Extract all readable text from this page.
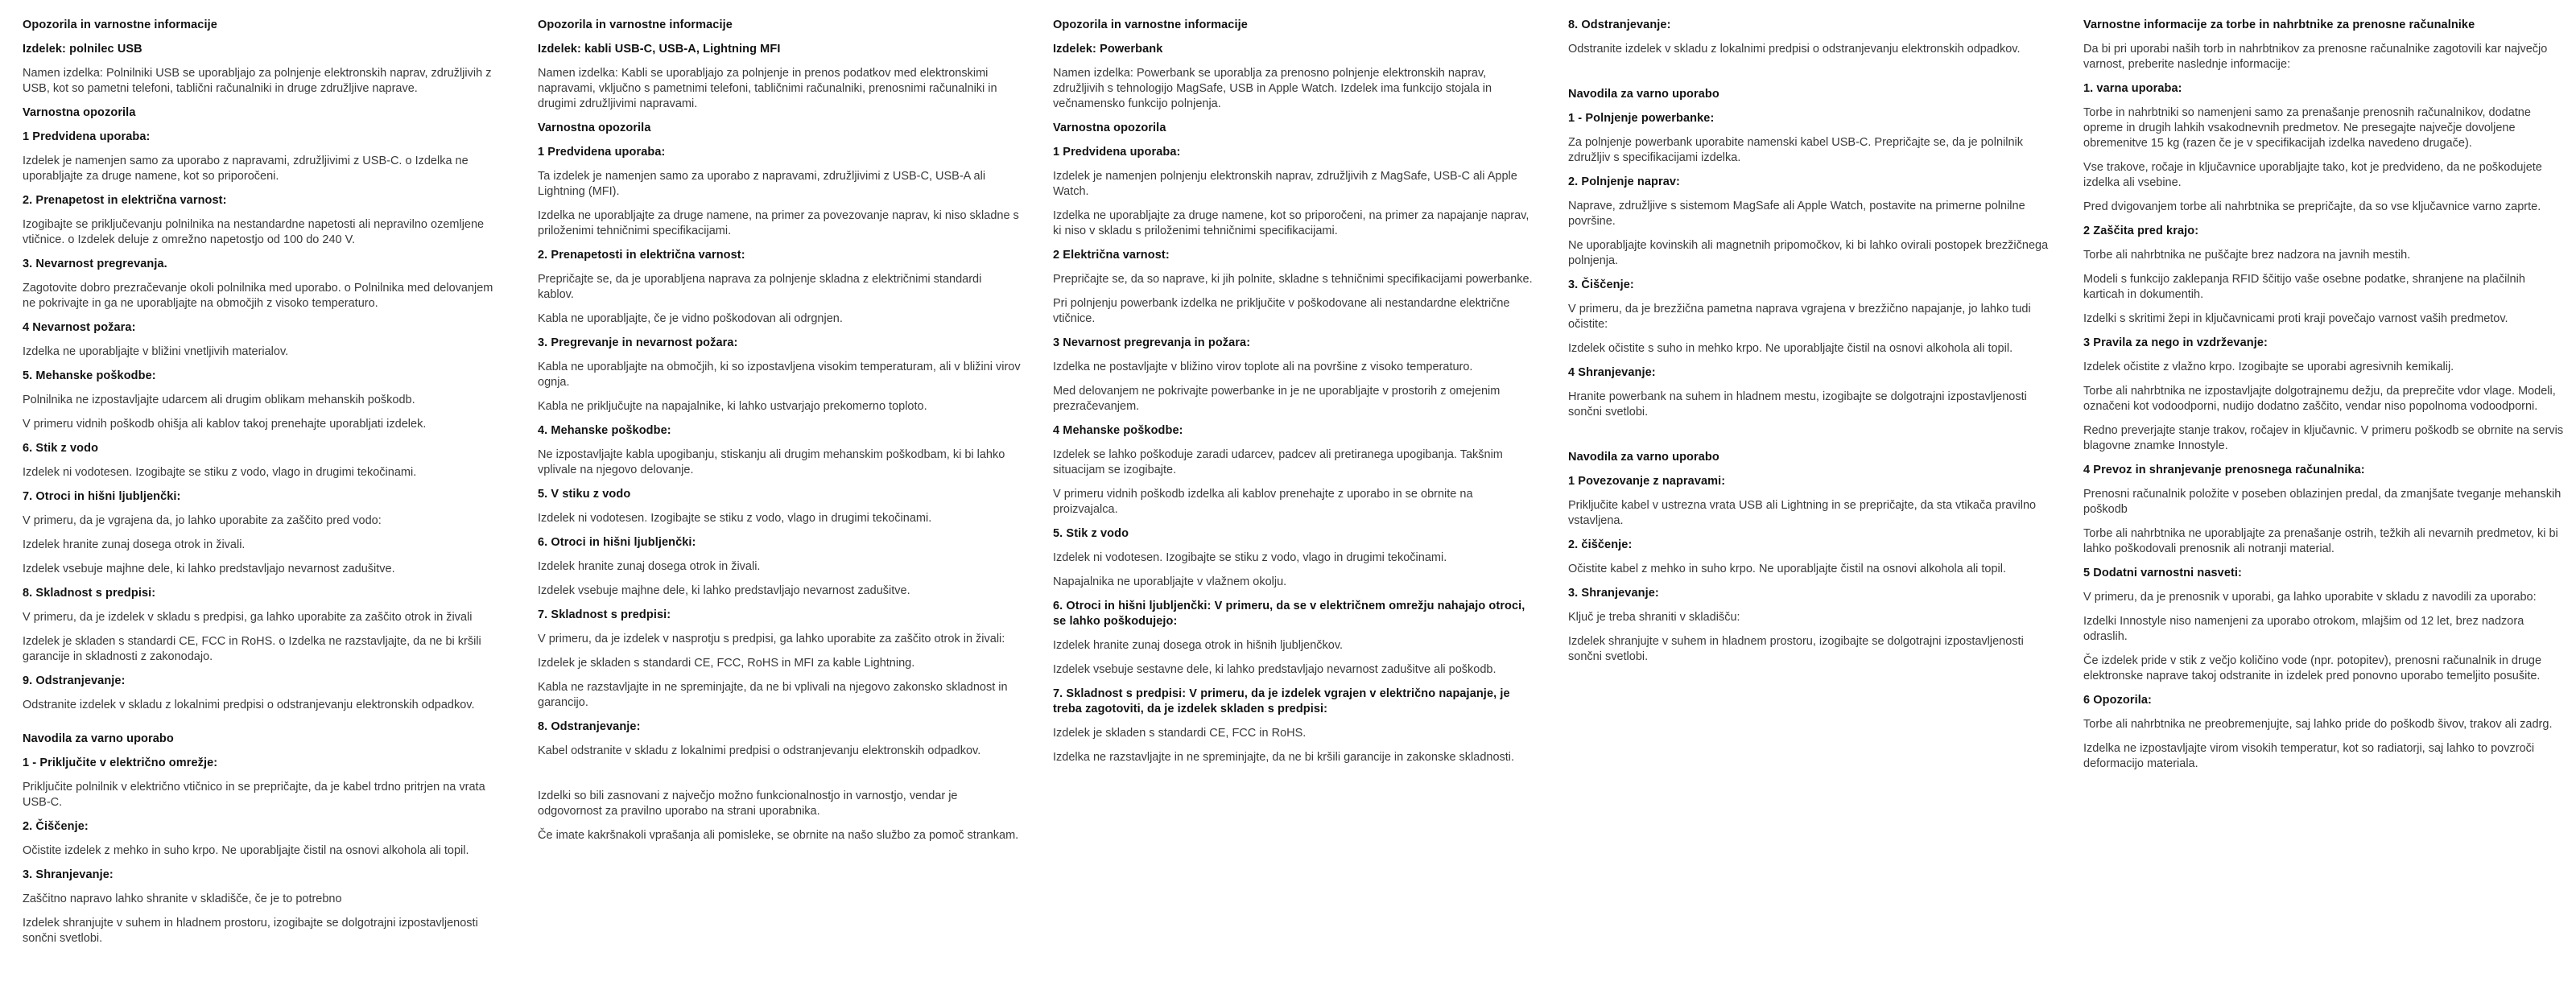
Opozorila in varnostne informacije
Izdelek: polnilec USB

Namen izdelka: Polnilniki USB se uporabljajo za polnjenje elektronskih naprav, združljivih z USB, kot so pametni telefoni, tablični računalniki in druge združljive naprave.

Varnostna opozorila
1 Predvidena uporaba:

Izdelek je namenjen samo za uporabo z napravami, združljivimi z USB-C. o Izdelka ne uporabljajte za druge namene, kot so priporočeni.

2. Prenapetost in električna varnost:

Izogibajte se priključevanju polnilnika na nestandardne napetosti ali nepravilno ozemljene vtičnice. o Izdelek deluje z omrežno napetostjo od 100 do 240 V.

3. Nevarnost pregrevanja.

Zagotovite dobro prezračevanje okoli polnilnika med uporabo. o Polnilnika med delovanjem ne pokrivajte in ga ne uporabljajte na območjih z visoko temperaturo.

4 Nevarnost požara:

Izdelka ne uporabljajte v bližini vnetljivih materialov.

5. Mehanske poškodbe:

Polnilnika ne izpostavljajte udarcem ali drugim oblikam mehanskih poškodb.

V primeru vidnih poškodb ohišja ali kablov takoj prenehajte uporabljati izdelek.

6. Stik z vodo

Izdelek ni vodotesen. Izogibajte se stiku z vodo, vlago in drugimi tekočinami.

7. Otroci in hišni ljubljenčki:

V primeru, da je vgrajena da, jo lahko uporabite za zaščito pred vodo:

Izdelek hranite zunaj dosega otrok in živali.

Izdelek vsebuje majhne dele, ki lahko predstavljajo nevarnost zadušitve.

8. Skladnost s predpisi:

V primeru, da je izdelek v skladu s predpisi, ga lahko uporabite za zaščito otrok in živali

Izdelek je skladen s standardi CE, FCC in RoHS. o Izdelka ne razstavljajte, da ne bi kršili garancije in skladnosti z zakonodajo.

9. Odstranjevanje:

Odstranite izdelek v skladu z lokalnimi predpisi o odstranjevanju elektronskih odpadkov.

Navodila za varno uporabo
1 - Priključite v električno omrežje:

Priključite polnilnik v električno vtičnico in se prepričajte, da je kabel trdno pritrjen na vrata USB-C.

2. Čiščenje:

Očistite izdelek z mehko in suho krpo. Ne uporabljajte čistil na osnovi alkohola ali topil.

3. Shranjevanje:

Zaščitno napravo lahko shranite v skladišče, če je to potrebno

Izdelek shranjujte v suhem in hladnem prostoru, izogibajte se dolgotrajni izpostavljenosti sončni svetlobi.

Opozorila in varnostne informacije
Izdelek: kabli USB-C, USB-A, Lightning MFI

Namen izdelka: Kabli se uporabljajo za polnjenje in prenos podatkov med elektronskimi napravami, vključno s pametnimi telefoni, tabličnimi računalniki, prenosnimi računalniki in drugimi združljivimi napravami.

Varnostna opozorila
1 Predvidena uporaba:

Ta izdelek je namenjen samo za uporabo z napravami, združljivimi z USB-C, USB-A ali Lightning (MFI).

Izdelka ne uporabljajte za druge namene, na primer za povezovanje naprav, ki niso skladne s priloženimi tehničnimi specifikacijami.

2. Prenapetosti in električna varnost:

Prepričajte se, da je uporabljena naprava za polnjenje skladna z električnimi standardi kablov.

Kabla ne uporabljajte, če je vidno poškodovan ali odrgnjen.

3. Pregrevanje in nevarnost požara:

Kabla ne uporabljajte na območjih, ki so izpostavljena visokim temperaturam, ali v bližini virov ognja.

Kabla ne priključujte na napajalnike, ki lahko ustvarjajo prekomerno toploto.

4. Mehanske poškodbe:

Ne izpostavljajte kabla upogibanju, stiskanju ali drugim mehanskim poškodbam, ki bi lahko vplivale na njegovo delovanje.

5. V stiku z vodo

Izdelek ni vodotesen. Izogibajte se stiku z vodo, vlago in drugimi tekočinami.

6. Otroci in hišni ljubljenčki:

Izdelek hranite zunaj dosega otrok in živali.

Izdelek vsebuje majhne dele, ki lahko predstavljajo nevarnost zadušitve.

7. Skladnost s predpisi:

V primeru, da je izdelek v nasprotju s predpisi, ga lahko uporabite za zaščito otrok in živali:

Izdelek je skladen s standardi CE, FCC, RoHS in MFI za kable Lightning.

Kabla ne razstavljajte in ne spreminjajte, da ne bi vplivali na njegovo zakonsko skladnost in garancijo.

8. Odstranjevanje:

Kabel odstranite v skladu z lokalnimi predpisi o odstranjevanju elektronskih odpadkov.

Izdelki so bili zasnovani z največjo možno funkcionalnostjo in varnostjo, vendar je odgovornost za pravilno uporabo na strani uporabnika.

Če imate kakršnakoli vprašanja ali pomisleke, se obrnite na našo službo za pomoč strankam.

Opozorila in varnostne informacije
Izdelek: Powerbank

Namen izdelka: Powerbank se uporablja za prenosno polnjenje elektronskih naprav, združljivih s tehnologijo MagSafe, USB in Apple Watch. Izdelek ima funkcijo stojala in večnamensko funkcijo polnjenja.

Varnostna opozorila
1 Predvidena uporaba:

Izdelek je namenjen polnjenju elektronskih naprav, združljivih z MagSafe, USB-C ali Apple Watch.

Izdelka ne uporabljajte za druge namene, kot so priporočeni, na primer za napajanje naprav, ki niso v skladu s priloženimi tehničnimi specifikacijami.

2 Električna varnost:

Prepričajte se, da so naprave, ki jih polnite, skladne s tehničnimi specifikacijami powerbanke.

Pri polnjenju powerbank izdelka ne priključite v poškodovane ali nestandardne električne vtičnice.

3 Nevarnost pregrevanja in požara:

Izdelka ne postavljajte v bližino virov toplote ali na površine z visoko temperaturo.

Med delovanjem ne pokrivajte powerbanke in je ne uporabljajte v prostorih z omejenim prezračevanjem.

4 Mehanske poškodbe:

Izdelek se lahko poškoduje zaradi udarcev, padcev ali pretiranega upogibanja. Takšnim situacijam se izogibajte.

V primeru vidnih poškodb izdelka ali kablov prenehajte z uporabo in se obrnite na proizvajalca.

5. Stik z vodo

Izdelek ni vodotesen. Izogibajte se stiku z vodo, vlago in drugimi tekočinami.

Napajalnika ne uporabljajte v vlažnem okolju.

6. Otroci in hišni ljubljenčki: V primeru, da se v električnem omrežju nahajajo otroci, se lahko poškodujejo:

Izdelek hranite zunaj dosega otrok in hišnih ljubljenčkov.

Izdelek vsebuje sestavne dele, ki lahko predstavljajo nevarnost zadušitve ali poškodb.

7. Skladnost s predpisi: V primeru, da je izdelek vgrajen v električno napajanje, je treba zagotoviti, da je izdelek skladen s predpisi:

Izdelek je skladen s standardi CE, FCC in RoHS.

Izdelka ne razstavljajte in ne spreminjajte, da ne bi kršili garancije in zakonske skladnosti.

8. Odstranjevanje:

Odstranite izdelek v skladu z lokalnimi predpisi o odstranjevanju elektronskih odpadkov.

Navodila za varno uporabo
1 - Polnjenje powerbanke:

Za polnjenje powerbank uporabite namenski kabel USB-C. Prepričajte se, da je polnilnik združljiv s specifikacijami izdelka.

2. Polnjenje naprav:

Naprave, združljive s sistemom MagSafe ali Apple Watch, postavite na primerne polnilne površine.

Ne uporabljajte kovinskih ali magnetnih pripomočkov, ki bi lahko ovirali postopek brezžičnega polnjenja.

3. Čiščenje:

V primeru, da je brezžična pametna naprava vgrajena v brezžično napajanje, jo lahko tudi očistite:

Izdelek očistite s suho in mehko krpo. Ne uporabljajte čistil na osnovi alkohola ali topil.

4 Shranjevanje:

Hranite powerbank na suhem in hladnem mestu, izogibajte se dolgotrajni izpostavljenosti sončni svetlobi.

Navodila za varno uporabo
1 Povezovanje z napravami:

Priključite kabel v ustrezna vrata USB ali Lightning in se prepričajte, da sta vtikača pravilno vstavljena.

2. čiščenje:

Očistite kabel z mehko in suho krpo. Ne uporabljajte čistil na osnovi alkohola ali topil.

3. Shranjevanje:

Ključ je treba shraniti v skladišču:

Izdelek shranjujte v suhem in hladnem prostoru, izogibajte se dolgotrajni izpostavljenosti sončni svetlobi.

Varnostne informacije za torbe in nahrbtnike za prenosne računalnike

Da bi pri uporabi naših torb in nahrbtnikov za prenosne računalnike zagotovili kar največjo varnost, preberite naslednje informacije:

1. varna uporaba:

Torbe in nahrbtniki so namenjeni samo za prenašanje prenosnih računalnikov, dodatne opreme in drugih lahkih vsakodnevnih predmetov. Ne presegajte največje dovoljene obremenitve 15 kg (razen če je v specifikacijah izdelka navedeno drugače).

Vse trakove, ročaje in ključavnice uporabljajte tako, kot je predvideno, da ne poškodujete izdelka ali vsebine.

Pred dvigovanjem torbe ali nahrbtnika se prepričajte, da so vse ključavnice varno zaprte.

2 Zaščita pred krajo:

Torbe ali nahrbtnika ne puščajte brez nadzora na javnih mestih.

Modeli s funkcijo zaklepanja RFID ščitijo vaše osebne podatke, shranjene na plačilnih karticah in dokumentih.

Izdelki s skritimi žepi in ključavnicami proti kraji povečajo varnost vaših predmetov.

3 Pravila za nego in vzdrževanje:

Izdelek očistite z vlažno krpo. Izogibajte se uporabi agresivnih kemikalij.

Torbe ali nahrbtnika ne izpostavljajte dolgotrajnemu dežju, da preprečite vdor vlage. Modeli, označeni kot vodoodporni, nudijo dodatno zaščito, vendar niso popolnoma vodoodporni.

Redno preverjajte stanje trakov, ročajev in ključavnic. V primeru poškodb se obrnite na servis blagovne znamke Innostyle.

4 Prevoz in shranjevanje prenosnega računalnika:

Prenosni računalnik položite v poseben oblazinjen predal, da zmanjšate tveganje mehanskih poškodb

Torbe ali nahrbtnika ne uporabljajte za prenašanje ostrih, težkih ali nevarnih predmetov, ki bi lahko poškodovali prenosnik ali notranji material.

5 Dodatni varnostni nasveti:

V primeru, da je prenosnik v uporabi, ga lahko uporabite v skladu z navodili za uporabo:

Izdelki Innostyle niso namenjeni za uporabo otrokom, mlajšim od 12 let, brez nadzora odraslih.

Če izdelek pride v stik z večjo količino vode (npr. potopitev), prenosni računalnik in druge elektronske naprave takoj odstranite in izdelek pred ponovno uporabo temeljito posušite.

6 Opozorila:

Torbe ali nahrbtnika ne preobremenjujte, saj lahko pride do poškodb šivov, trakov ali zadrg.

Izdelka ne izpostavljajte virom visokih temperatur, kot so radiatorji, saj lahko to povzroči deformacijo materiala.
